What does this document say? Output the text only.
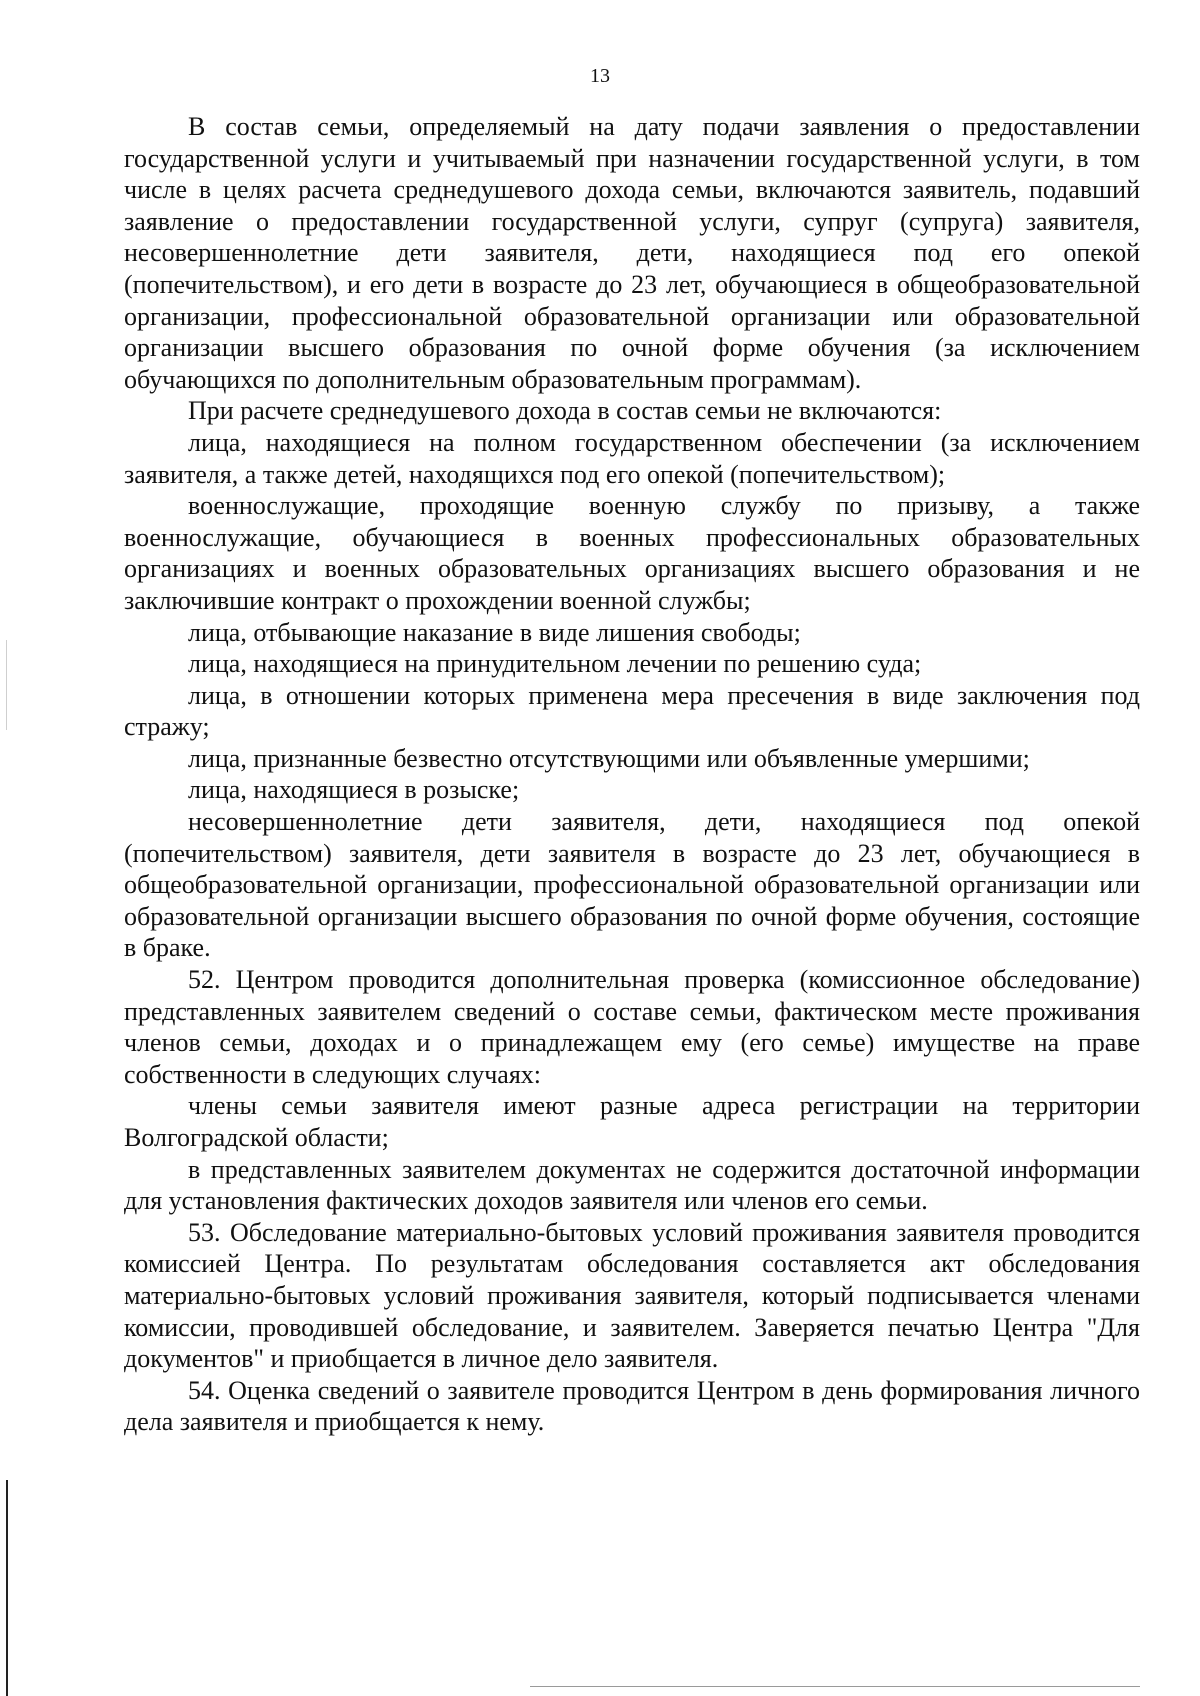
13

В состав семьи, определяемый на дату подачи заявления о предоставлении государственной услуги и учитываемый при назначении государственной услуги, в том числе в целях расчета среднедушевого дохода семьи, включаются заявитель, подавший заявление о предоставлении государственной услуги, супруг (супруга) заявителя, несовершеннолетние дети заявителя, дети, находящиеся под его опекой (попечительством), и его дети в возрасте до 23 лет, обучающиеся в общеобразовательной организации, профессиональной образовательной организации или образовательной организации высшего образования по очной форме обучения (за исключением обучающихся по дополнительным образовательным программам).

При расчете среднедушевого дохода в состав семьи не включаются:

лица, находящиеся на полном государственном обеспечении (за исключением заявителя, а также детей, находящихся под его опекой (попечительством);

военнослужащие, проходящие военную службу по призыву, а также военнослужащие, обучающиеся в военных профессиональных образовательных организациях и военных образовательных организациях высшего образования и не заключившие контракт о прохождении военной службы;

лица, отбывающие наказание в виде лишения свободы;

лица, находящиеся на принудительном лечении по решению суда;

лица, в отношении которых применена мера пресечения в виде заключения под стражу;

лица, признанные безвестно отсутствующими или объявленные умершими;

лица, находящиеся в розыске;

несовершеннолетние дети заявителя, дети, находящиеся под опекой (попечительством) заявителя, дети заявителя в возрасте до 23 лет, обучающиеся в общеобразовательной организации, профессиональной образовательной организации или образовательной организации высшего образования по очной форме обучения, состоящие в браке.

52. Центром проводится дополнительная проверка (комиссионное обследование) представленных заявителем сведений о составе семьи, фактическом месте проживания членов семьи, доходах и о принадлежащем ему (его семье) имуществе на праве собственности в следующих случаях:

члены семьи заявителя имеют разные адреса регистрации на территории Волгоградской области;

в представленных заявителем документах не содержится достаточной информации для установления фактических доходов заявителя или членов его семьи.

53. Обследование материально-бытовых условий проживания заявителя проводится комиссией Центра. По результатам обследования составляется акт обследования материально-бытовых условий проживания заявителя, который подписывается членами комиссии, проводившей обследование, и заявителем. Заверяется печатью Центра "Для документов" и приобщается в личное дело заявителя.

54. Оценка сведений о заявителе проводится Центром в день формирования личного дела заявителя и приобщается к нему.
